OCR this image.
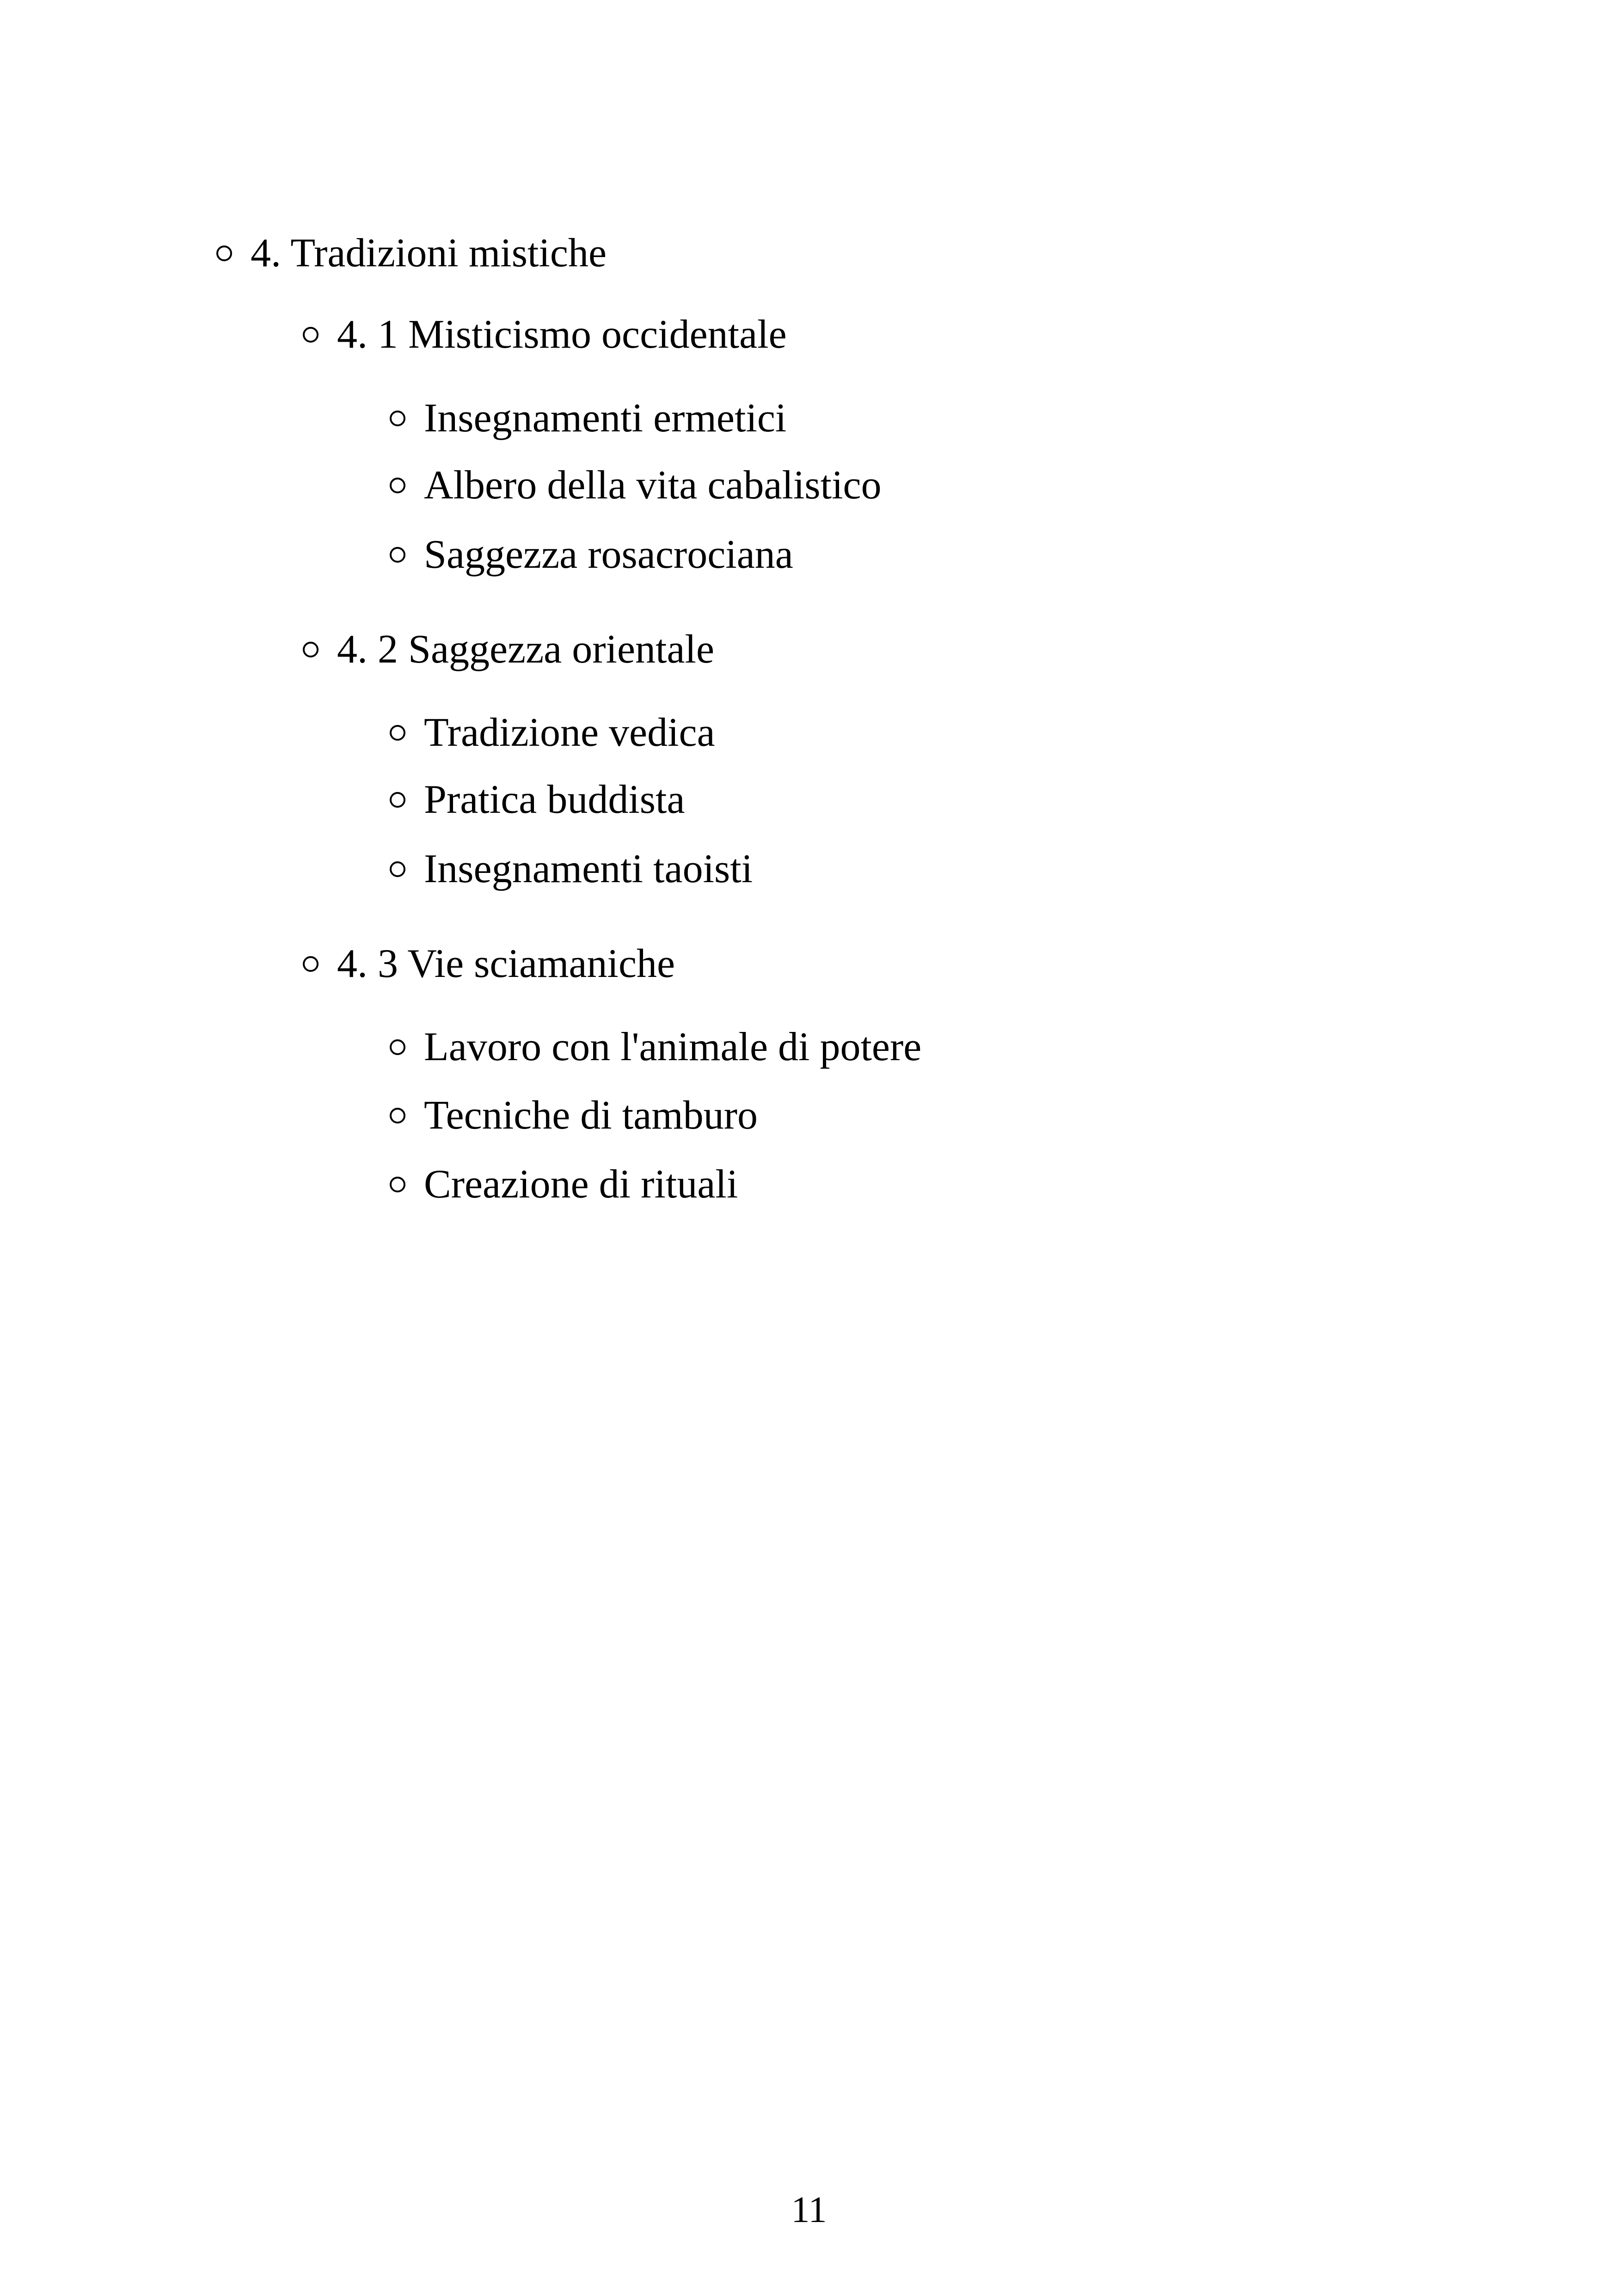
4. Tradizioni mistiche
4. 1 Misticismo occidentale
Insegnamenti ermetici
Albero della vita cabalistico
Saggezza rosacrociana
4. 2 Saggezza orientale
Tradizione vedica
Pratica buddista
Insegnamenti taoisti
4. 3 Vie sciamaniche
Lavoro con l'animale di potere
Tecniche di tamburo
Creazione di rituali
11
